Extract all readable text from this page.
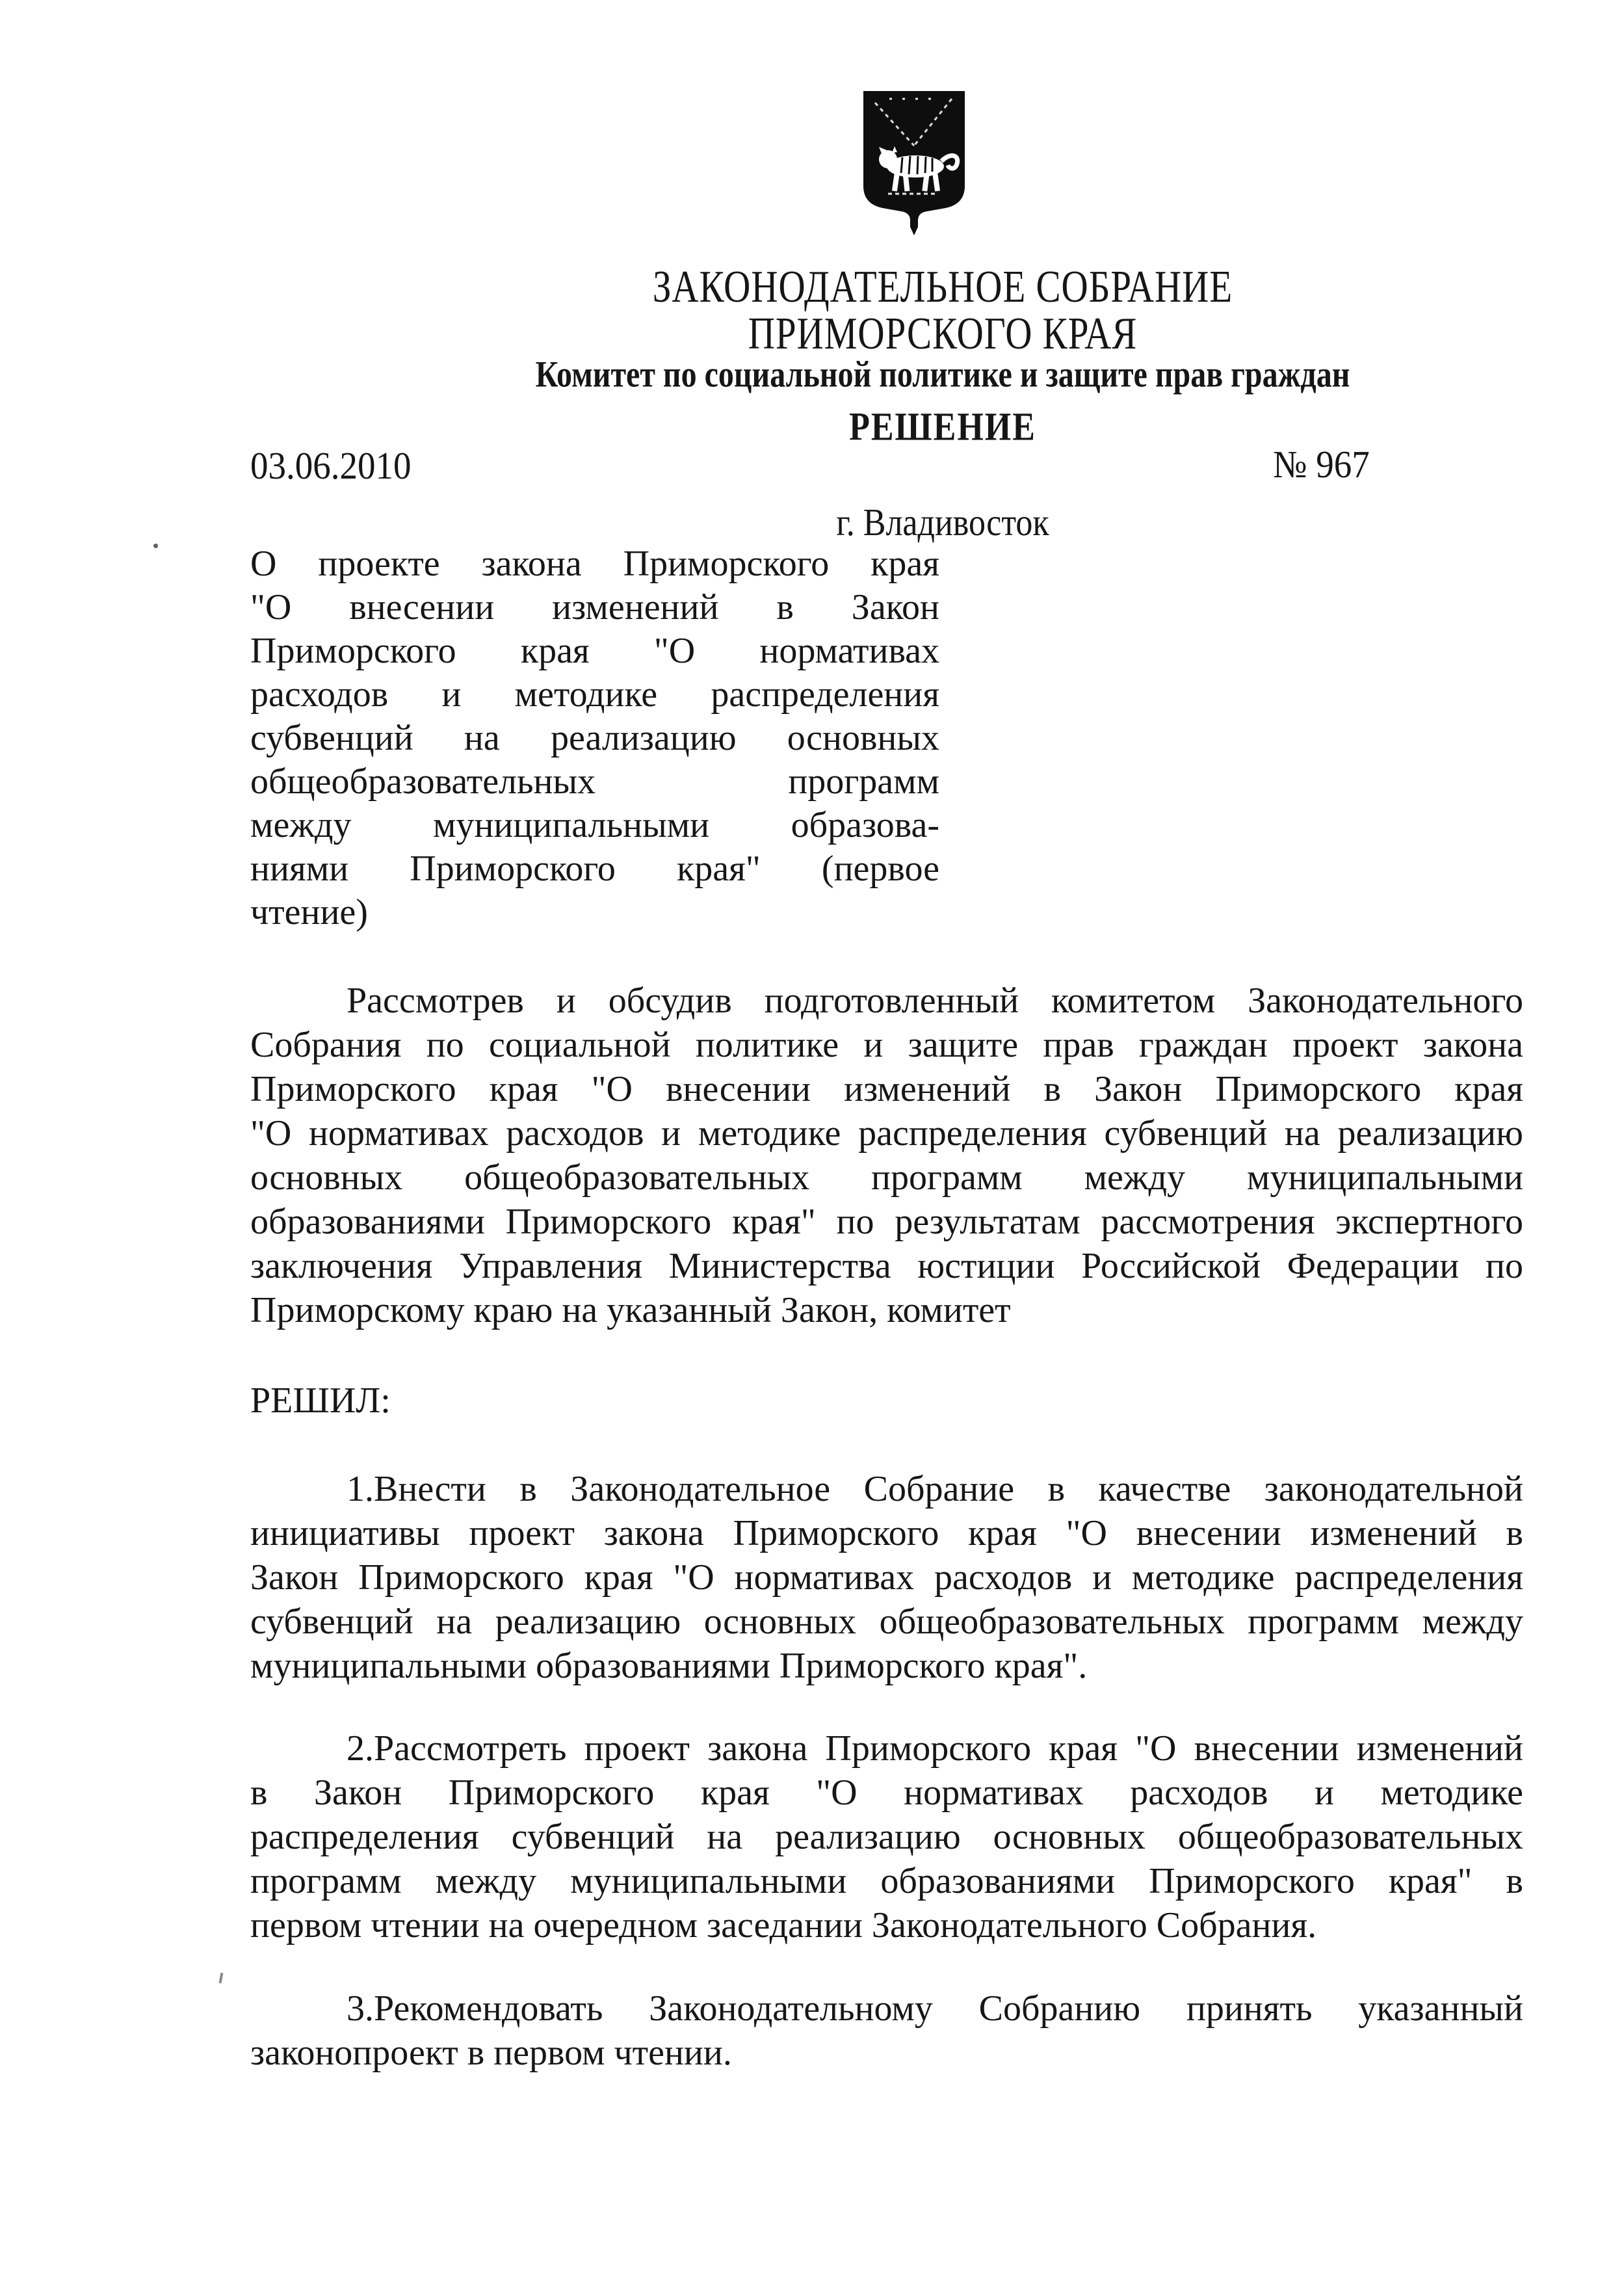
ЗАКОНОДАТЕЛЬНОЕ СОБРАНИЕ
ПРИМОРСКОГО КРАЯ
Комитет по социальной политике и защите прав граждан
РЕШЕНИЕ
03.06.2010	№ 967
г. Владивосток
О проекте закона Приморского края
"О внесении изменений в Закон
Приморского края "О нормативах
расходов и методике распределения
субвенций на реализацию основных
общеобразовательных программ
между муниципальными образова-
ниями Приморского края" (первое
чтение)
Рассмотрев и обсудив подготовленный комитетом Законодательного
Собрания по социальной политике и защите прав граждан проект закона
Приморского края "О внесении изменений в Закон Приморского края
"О нормативах расходов и методике распределения субвенций на реализацию
основных общеобразовательных программ между муниципальными
образованиями Приморского края" по результатам рассмотрения экспертного
заключения Управления Министерства юстиции Российской Федерации по
Приморскому краю на указанный Закон, комитет
РЕШИЛ:
1.Внести в Законодательное Собрание в качестве законодательной
инициативы проект закона Приморского края "О внесении изменений в
Закон Приморского края "О нормативах расходов и методике распределения
субвенций на реализацию основных общеобразовательных программ между
муниципальными образованиями Приморского края".
2.Рассмотреть проект закона Приморского края "О внесении изменений
в Закон Приморского края "О нормативах расходов и методике
распределения субвенций на реализацию основных общеобразовательных
программ между муниципальными образованиями Приморского края" в
первом чтении на очередном заседании Законодательного Собрания.
3.Рекомендовать Законодательному Собранию принять указанный
законопроект в первом чтении.
